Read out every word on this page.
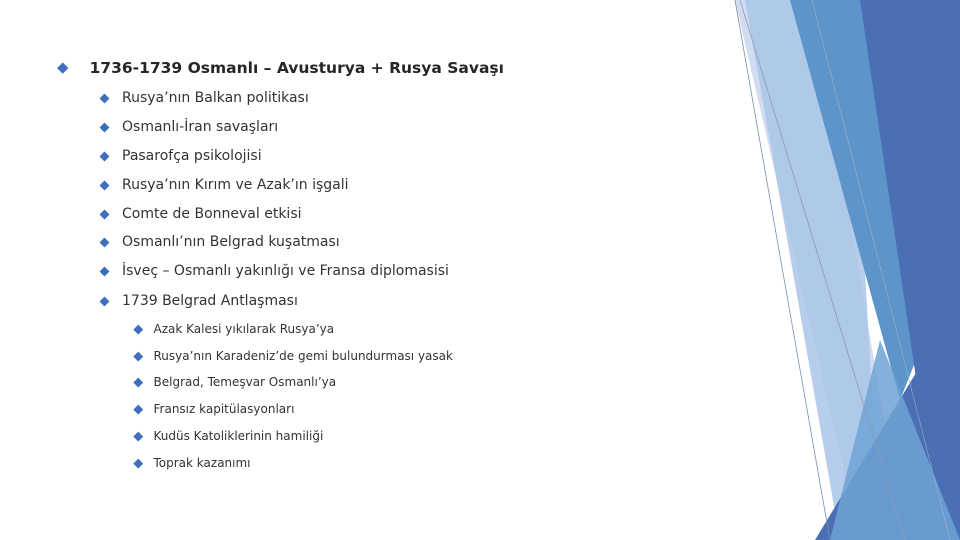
1736-1739 Osmanlı – Avusturya + Rusya Savaşı
Rusya’nın Balkan politikası
Osmanlı-İran savaşları
Pasarofça psikolojisi
Rusya’nın Kırım ve Azak’ın işgali
Comte de Bonneval etkisi
Osmanlı’nın Belgrad kuşatması
İsveç – Osmanlı yakınlığı ve Fransa diplomasisi
1739 Belgrad Antlaşması
Azak Kalesi yıkılarak Rusya’ya
Rusya’nın Karadeniz’de gemi bulundurması yasak
Belgrad, Temeşvar Osmanlı’ya
Fransız kapitülasyonları
Kudüs Katoliklerinin hamiliği
Toprak kazanımı
